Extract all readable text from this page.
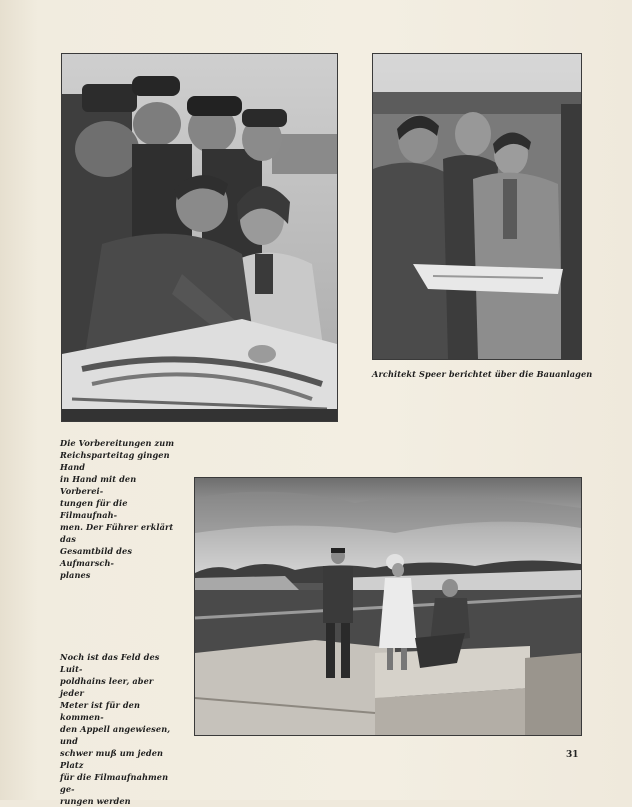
Die Vorbereitungen zum

Reichsparteitag gingen Hand

in Hand mit den Vorberei-

tungen für die Filmaufnah-

men. Der Führer erklärt das

Gesamtbild des Aufmarsch-

planes

Noch ist das Feld des Luit-

poldhains leer, aber jeder

Meter ist für den kommen-

den Appell angewiesen, und

schwer muß um jeden Platz

für die Filmaufnahmen ge-

rungen werden

Architekt Speer berichtet über die Bauanlagen
31
